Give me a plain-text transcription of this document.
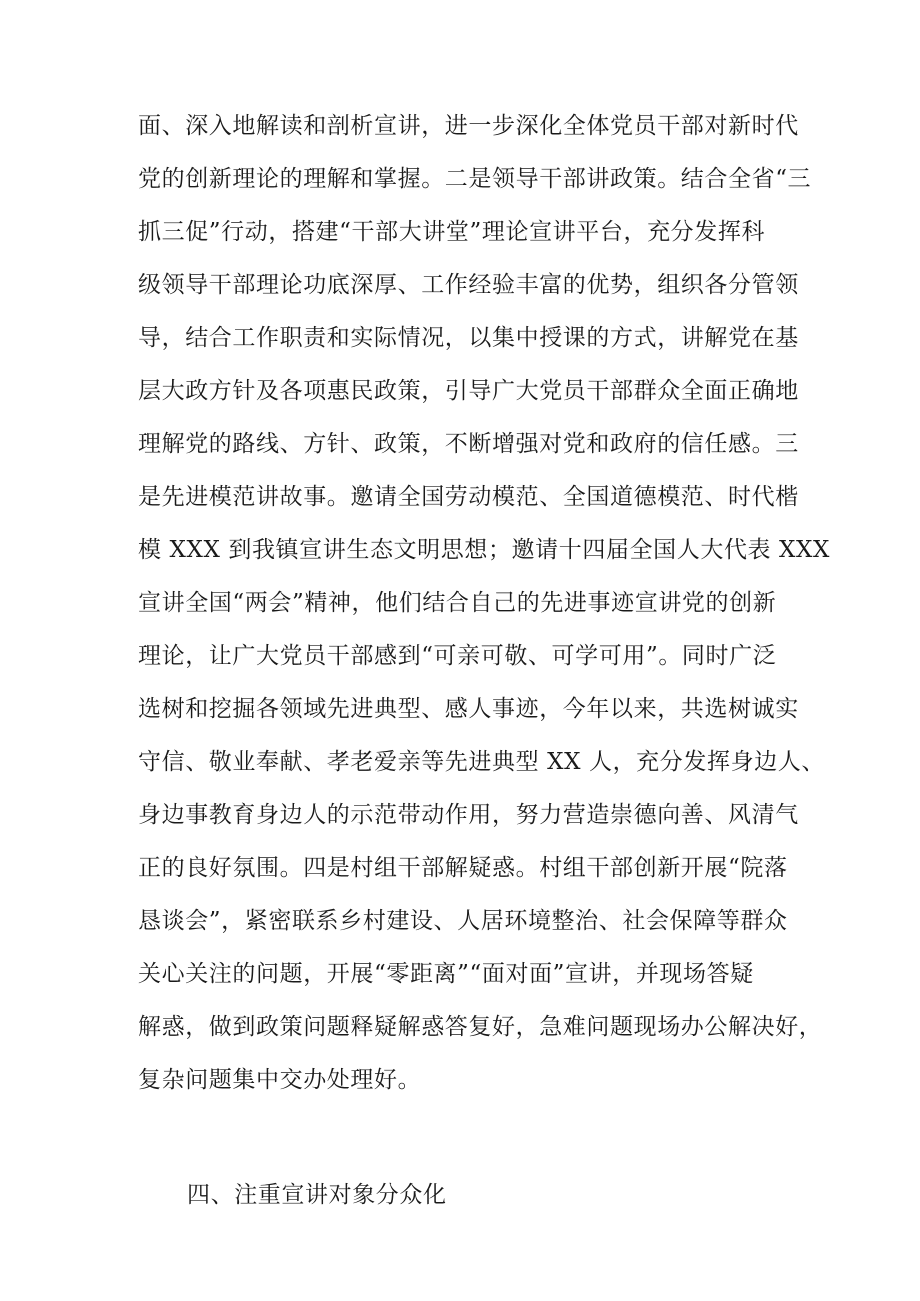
面、深入地解读和剖析宣讲，进一步深化全体党员干部对新时代
党的创新理论的理解和掌握。二是领导干部讲政策。结合全省“三
抓三促”行动，搭建“干部大讲堂”理论宣讲平台，充分发挥科
级领导干部理论功底深厚、工作经验丰富的优势，组织各分管领
导，结合工作职责和实际情况，以集中授课的方式，讲解党在基
层大政方针及各项惠民政策，引导广大党员干部群众全面正确地
理解党的路线、方针、政策，不断增强对党和政府的信任感。三
是先进模范讲故事。邀请全国劳动模范、全国道德模范、时代楷
模 XXX 到我镇宣讲生态文明思想；邀请十四届全国人大代表 XXX
宣讲全国“两会”精神，他们结合自己的先进事迹宣讲党的创新
理论，让广大党员干部感到“可亲可敬、可学可用”。同时广泛
选树和挖掘各领域先进典型、感人事迹，今年以来，共选树诚实
守信、敬业奉献、孝老爱亲等先进典型 XX 人，充分发挥身边人、
身边事教育身边人的示范带动作用，努力营造崇德向善、风清气
正的良好氛围。四是村组干部解疑惑。村组干部创新开展“院落
恳谈会”，紧密联系乡村建设、人居环境整治、社会保障等群众
关心关注的问题，开展“零距离”“面对面”宣讲，并现场答疑
解惑，做到政策问题释疑解惑答复好，急难问题现场办公解决好，
复杂问题集中交办处理好。
四、注重宣讲对象分众化
